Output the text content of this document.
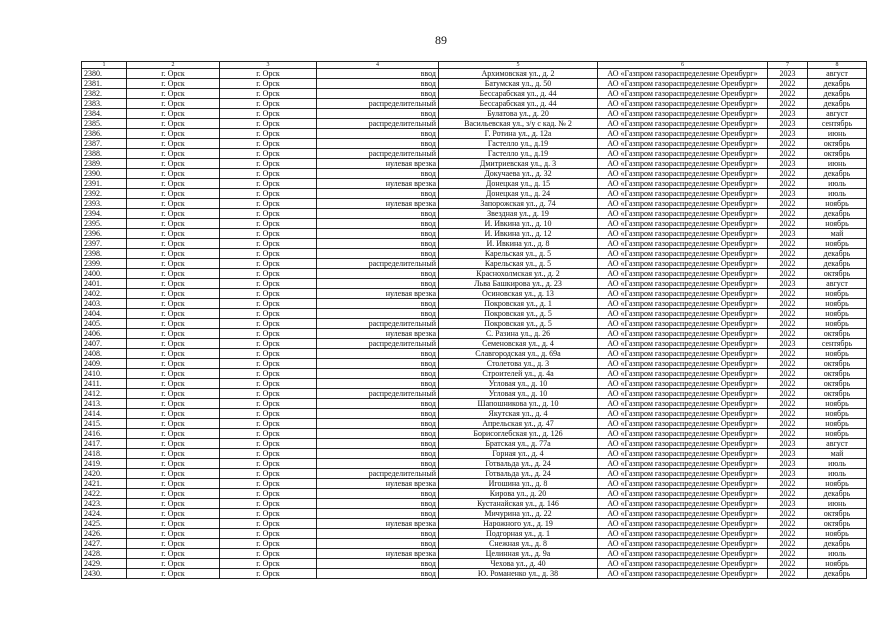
89
1	2	3	4	5	6	7	8
2380.	г. Орск	г. Орск	ввод	Архимовская ул., д. 2	АО «Газпром газораспределение Оренбург»	2023	август
2381.	г. Орск	г. Орск	ввод	Батумская ул., д. 50	АО «Газпром газораспределение Оренбург»	2022	декабрь
2382.	г. Орск	г. Орск	ввод	Бессарабская ул., д. 44	АО «Газпром газораспределение Оренбург»	2022	декабрь
2383.	г. Орск	г. Орск	распределительный	Бессарабская ул., д. 44	АО «Газпром газораспределение Оренбург»	2022	декабрь
2384.	г. Орск	г. Орск	ввод	Булатова ул., д. 20	АО «Газпром газораспределение Оренбург»	2023	август
2385.	г. Орск	г. Орск	распределительный	Васильевская ул., з/у с кад. № 2	АО «Газпром газораспределение Оренбург»	2023	сентябрь
2386.	г. Орск	г. Орск	ввод	Г. Ротина ул., д. 12а	АО «Газпром газораспределение Оренбург»	2023	июнь
2387.	г. Орск	г. Орск	ввод	Гастелло ул., д.19	АО «Газпром газораспределение Оренбург»	2022	октябрь
2388.	г. Орск	г. Орск	распределительный	Гастелло ул., д.19	АО «Газпром газораспределение Оренбург»	2022	октябрь
2389.	г. Орск	г. Орск	нулевая врезка	Дмитриевская ул., д. 3	АО «Газпром газораспределение Оренбург»	2023	июнь
2390.	г. Орск	г. Орск	ввод	Докучаева ул., д. 32	АО «Газпром газораспределение Оренбург»	2022	декабрь
2391.	г. Орск	г. Орск	нулевая врезка	Донецкая ул., д. 15	АО «Газпром газораспределение Оренбург»	2022	июль
2392.	г. Орск	г. Орск	ввод	Донецкая ул., д. 24	АО «Газпром газораспределение Оренбург»	2023	июль
2393.	г. Орск	г. Орск	нулевая врезка	Запорожская ул., д. 74	АО «Газпром газораспределение Оренбург»	2022	ноябрь
2394.	г. Орск	г. Орск	ввод	Звездная ул., д. 19	АО «Газпром газораспределение Оренбург»	2022	декабрь
2395.	г. Орск	г. Орск	ввод	И. Ивкина ул., д. 10	АО «Газпром газораспределение Оренбург»	2022	ноябрь
2396.	г. Орск	г. Орск	ввод	И. Ивкина ул., д. 12	АО «Газпром газораспределение Оренбург»	2023	май
2397.	г. Орск	г. Орск	ввод	И. Ивкина ул., д. 8	АО «Газпром газораспределение Оренбург»	2022	ноябрь
2398.	г. Орск	г. Орск	ввод	Карельская ул., д. 5	АО «Газпром газораспределение Оренбург»	2022	декабрь
2399.	г. Орск	г. Орск	распределительный	Карельская ул., д. 5	АО «Газпром газораспределение Оренбург»	2022	декабрь
2400.	г. Орск	г. Орск	ввод	Краснохолмская ул., д. 2	АО «Газпром газораспределение Оренбург»	2022	октябрь
2401.	г. Орск	г. Орск	ввод	Льва Башкирова ул., д. 23	АО «Газпром газораспределение Оренбург»	2023	август
2402.	г. Орск	г. Орск	нулевая врезка	Осиновская ул., д. 13	АО «Газпром газораспределение Оренбург»	2022	ноябрь
2403.	г. Орск	г. Орск	ввод	Покровская ул., д. 1	АО «Газпром газораспределение Оренбург»	2022	ноябрь
2404.	г. Орск	г. Орск	ввод	Покровская ул., д. 5	АО «Газпром газораспределение Оренбург»	2022	ноябрь
2405.	г. Орск	г. Орск	распределительный	Покровская ул., д. 5	АО «Газпром газораспределение Оренбург»	2022	ноябрь
2406.	г. Орск	г. Орск	нулевая врезка	С. Разина ул., д. 26	АО «Газпром газораспределение Оренбург»	2022	октябрь
2407.	г. Орск	г. Орск	распределительный	Семеновская ул., д. 4	АО «Газпром газораспределение Оренбург»	2023	сентябрь
2408.	г. Орск	г. Орск	ввод	Славгородская ул., д. 69а	АО «Газпром газораспределение Оренбург»	2022	ноябрь
2409.	г. Орск	г. Орск	ввод	Столетова ул., д. 3	АО «Газпром газораспределение Оренбург»	2022	октябрь
2410.	г. Орск	г. Орск	ввод	Строителей ул., д. 4а	АО «Газпром газораспределение Оренбург»	2022	октябрь
2411.	г. Орск	г. Орск	ввод	Угловая ул., д. 10	АО «Газпром газораспределение Оренбург»	2022	октябрь
2412.	г. Орск	г. Орск	распределительный	Угловая ул., д. 10	АО «Газпром газораспределение Оренбург»	2022	октябрь
2413.	г. Орск	г. Орск	ввод	Шапошникова ул., д. 10	АО «Газпром газораспределение Оренбург»	2022	ноябрь
2414.	г. Орск	г. Орск	ввод	Якутская ул., д. 4	АО «Газпром газораспределение Оренбург»	2022	ноябрь
2415.	г. Орск	г. Орск	ввод	Апрельская ул., д. 47	АО «Газпром газораспределение Оренбург»	2022	ноябрь
2416.	г. Орск	г. Орск	ввод	Борисоглебская ул., д. 126	АО «Газпром газораспределение Оренбург»	2022	ноябрь
2417.	г. Орск	г. Орск	ввод	Братская ул., д. 77а	АО «Газпром газораспределение Оренбург»	2023	август
2418.	г. Орск	г. Орск	ввод	Горная ул., д. 4	АО «Газпром газораспределение Оренбург»	2023	май
2419.	г. Орск	г. Орск	ввод	Готвальда ул., д. 24	АО «Газпром газораспределение Оренбург»	2023	июль
2420.	г. Орск	г. Орск	распределительный	Готвальда ул., д. 24	АО «Газпром газораспределение Оренбург»	2023	июль
2421.	г. Орск	г. Орск	нулевая врезка	Игошина ул., д. 8	АО «Газпром газораспределение Оренбург»	2022	ноябрь
2422.	г. Орск	г. Орск	ввод	Кирова ул., д. 20	АО «Газпром газораспределение Оренбург»	2022	декабрь
2423.	г. Орск	г. Орск	ввод	Кустанайская ул., д. 146	АО «Газпром газораспределение Оренбург»	2023	июнь
2424.	г. Орск	г. Орск	ввод	Мичурина ул., д. 22	АО «Газпром газораспределение Оренбург»	2022	октябрь
2425.	г. Орск	г. Орск	нулевая врезка	Нарожного ул., д. 19	АО «Газпром газораспределение Оренбург»	2022	октябрь
2426.	г. Орск	г. Орск	ввод	Подгорная ул., д. 1	АО «Газпром газораспределение Оренбург»	2022	ноябрь
2427.	г. Орск	г. Орск	ввод	Снежная ул., д. 8	АО «Газпром газораспределение Оренбург»	2022	декабрь
2428.	г. Орск	г. Орск	нулевая врезка	Целинная ул., д. 9а	АО «Газпром газораспределение Оренбург»	2022	июль
2429.	г. Орск	г. Орск	ввод	Чехова ул., д. 40	АО «Газпром газораспределение Оренбург»	2022	ноябрь
2430.	г. Орск	г. Орск	ввод	Ю. Романенко ул., д. 38	АО «Газпром газораспределение Оренбург»	2022	декабрь
